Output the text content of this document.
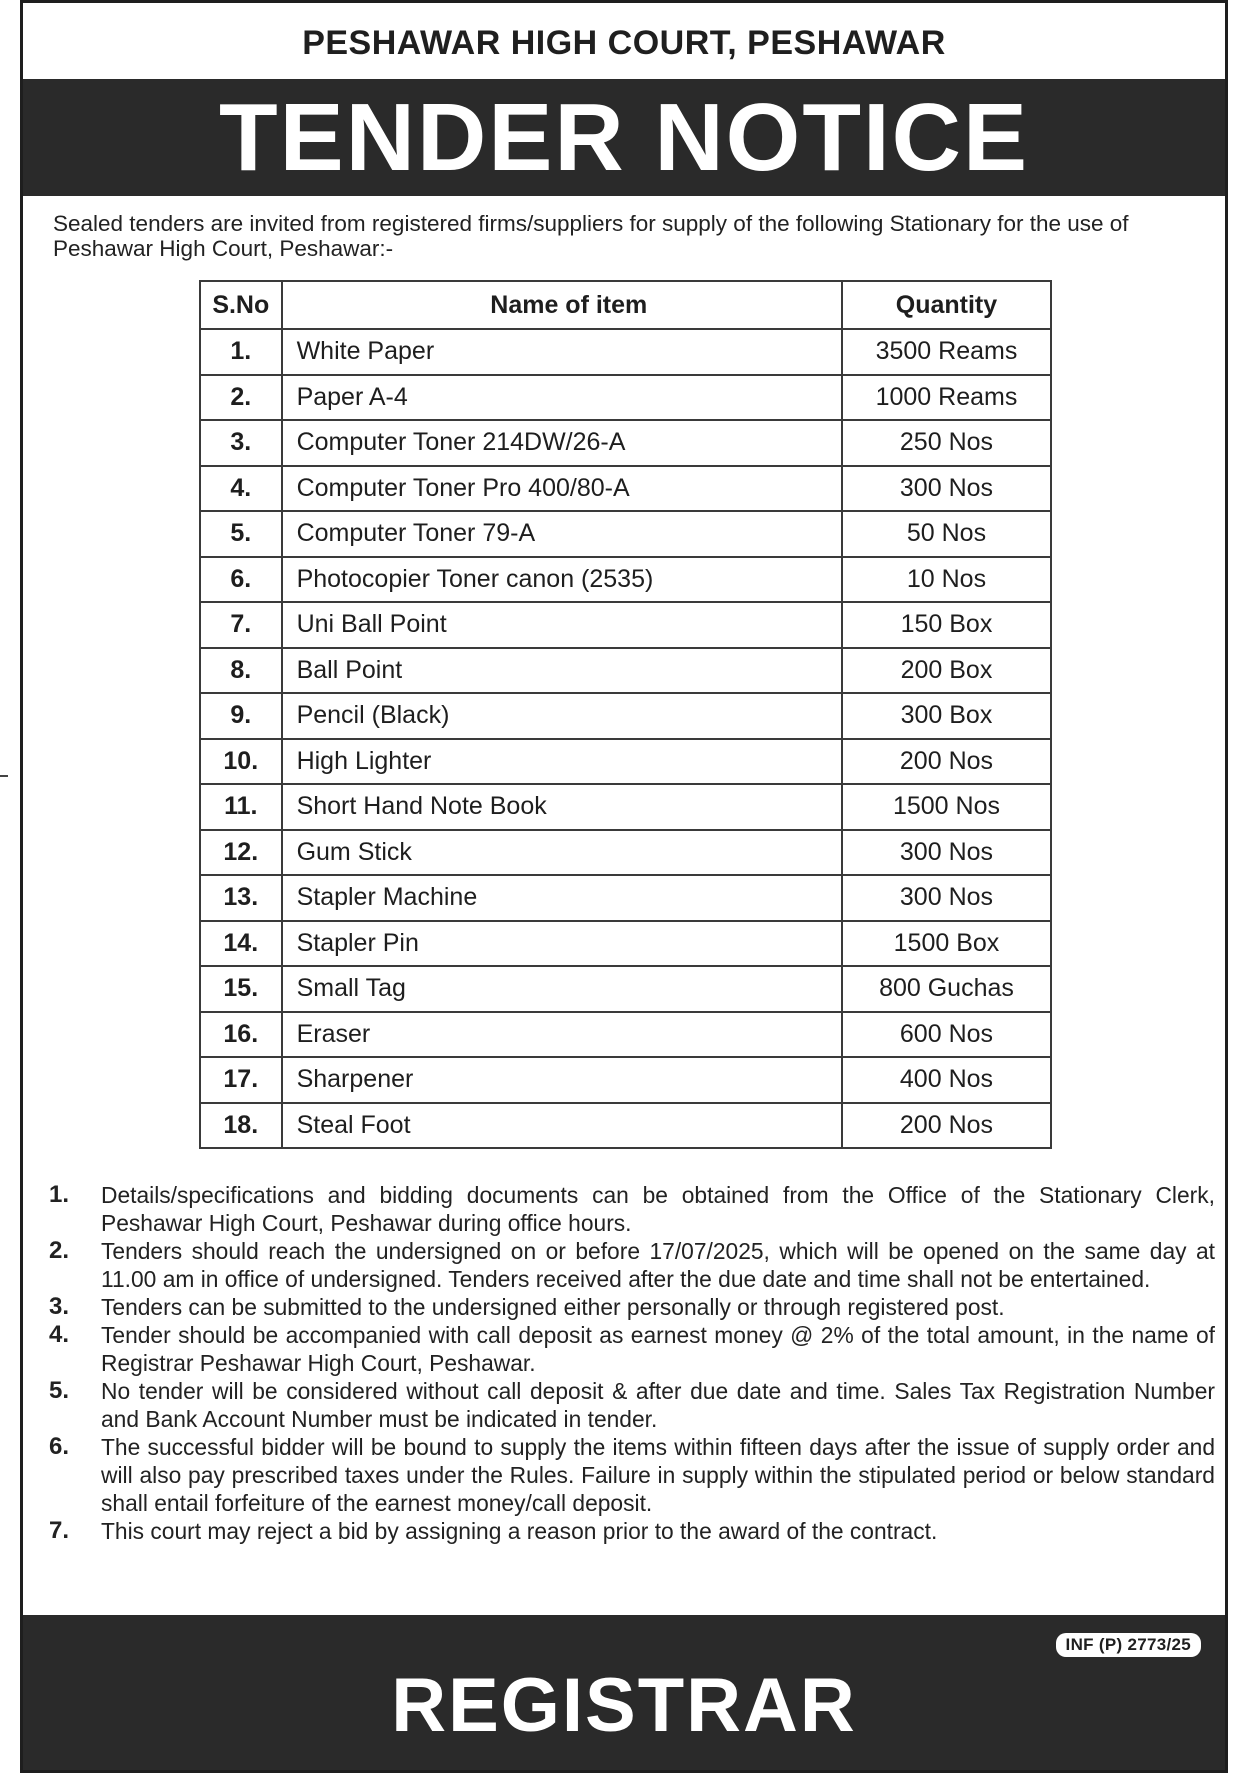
PESHAWAR HIGH COURT, PESHAWAR
TENDER NOTICE
Sealed tenders are invited from registered firms/suppliers for supply of the following Stationary for the use of Peshawar High Court, Peshawar:-
S.No	Name of item	Quantity
1.	White Paper	3500 Reams
2.	Paper A-4	1000 Reams
3.	Computer Toner 214DW/26-A	250 Nos
4.	Computer Toner Pro 400/80-A	300 Nos
5.	Computer Toner 79-A	50 Nos
6.	Photocopier Toner canon (2535)	10 Nos
7.	Uni Ball Point	150 Box
8.	Ball Point	200 Box
9.	Pencil (Black)	300 Box
10.	High Lighter	200 Nos
11.	Short Hand Note Book	1500 Nos
12.	Gum Stick	300 Nos
13.	Stapler Machine	300 Nos
14.	Stapler Pin	1500 Box
15.	Small Tag	800 Guchas
16.	Eraser	600 Nos
17.	Sharpener	400 Nos
18.	Steal Foot	200 Nos
1.	Details/specifications and bidding documents can be obtained from the Office of the Stationary Clerk, Peshawar High Court, Peshawar during office hours.
2.	Tenders should reach the undersigned on or before 17/07/2025, which will be opened on the same day at 11.00 am in office of undersigned. Tenders received after the due date and time shall not be entertained.
3.	Tenders can be submitted to the undersigned either personally or through registered post.
4.	Tender should be accompanied with call deposit as earnest money @ 2% of the total amount, in the name of Registrar Peshawar High Court, Peshawar.
5.	No tender will be considered without call deposit & after due date and time. Sales Tax Registration Number and Bank Account Number must be indicated in tender.
6.	The successful bidder will be bound to supply the items within fifteen days after the issue of supply order and will also pay prescribed taxes under the Rules. Failure in supply within the stipulated period or below standard shall entail forfeiture of the earnest money/call deposit.
7.	This court may reject a bid by assigning a reason prior to the award of the contract.
INF (P) 2773/25
REGISTRAR
